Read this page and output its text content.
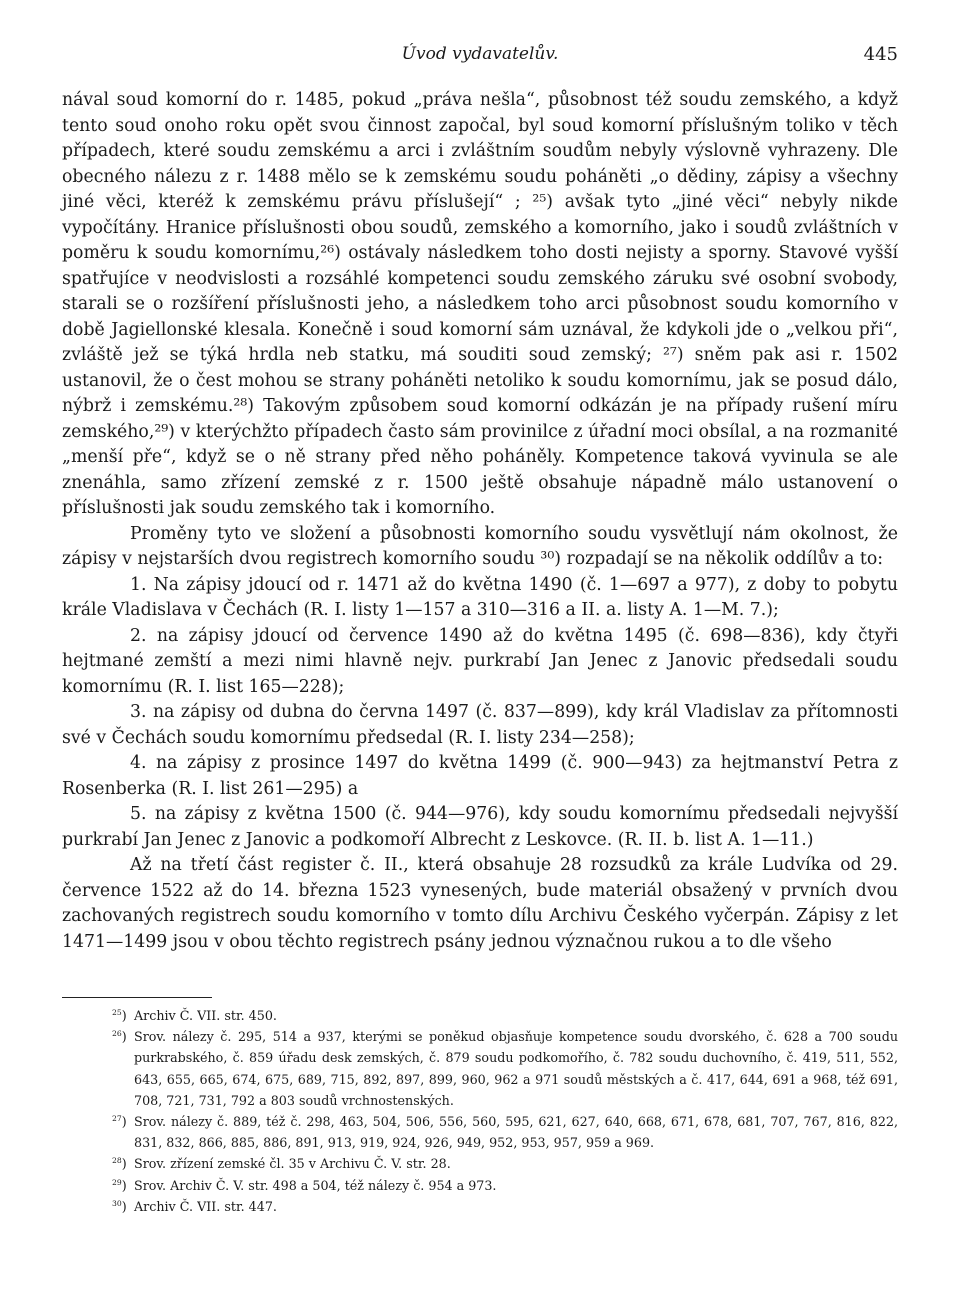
Úvod vydavatelův.	445

nával soud komorní do r. 1485, pokud „práva nešla“, působnost též soudu zemského, a když tento soud onoho roku opět svou činnost započal, byl soud komorní příslušným toliko v těch případech, které soudu zemskému a arci i zvláštním soudům nebyly výslovně vyhrazeny. Dle obecného nálezu z r. 1488 mělo se k zemskému soudu poháněti „o dědiny, zápisy a všechny jiné věci, kteréž k zemskému právu příslušejí“ ; ²⁵) avšak tyto „jiné věci“ nebyly nikde vypočítány. Hranice příslušnosti obou soudů, zemského a komorního, jako i soudů zvláštních v poměru k soudu komornímu,²⁶) ostávaly následkem toho dosti nejisty a sporny. Stavové vyšší spatřujíce v neodvislosti a rozsáhlé kompetenci soudu zemského záruku své osobní svobody, starali se o rozšíření příslušnosti jeho, a následkem toho arci působnost soudu komorního v době Jagiellonské klesala. Konečně i soud komorní sám uznával, že kdykoli jde o „velkou při“, zvláště jež se týká hrdla neb statku, má souditi soud zemský; ²⁷) sněm pak asi r. 1502 ustanovil, že o čest mohou se strany poháněti netoliko k soudu komornímu, jak se posud dálo, nýbrž i zemskému.²⁸) Takovým způsobem soud komorní odkázán je na případy rušení míru zemského,²⁹) v kterýchžto případech často sám provinilce z úřadní moci obsílal, a na rozmanité „menší pře“, když se o ně strany před něho poháněly. Kompetence taková vyvinula se ale znenáhla, samo zřízení zemské z r. 1500 ještě obsahuje nápadně málo ustanovení o příslušnosti jak soudu zemského tak i komorního.

Proměny tyto ve složení a působnosti komorního soudu vysvětlují nám okolnost, že zápisy v nejstarších dvou registrech komorního soudu ³⁰) rozpadají se na několik oddílův a to:

1. Na zápisy jdoucí od r. 1471 až do května 1490 (č. 1—697 a 977), z doby to pobytu krále Vladislava v Čechách (R. I. listy 1—157 a 310—316 a II. a. listy A. 1—M. 7.);

2. na zápisy jdoucí od července 1490 až do května 1495 (č. 698—836), kdy čtyři hejtmané zemští a mezi nimi hlavně nejv. purkrabí Jan Jenec z Janovic předsedali soudu komornímu (R. I. list 165—228);

3. na zápisy od dubna do června 1497 (č. 837—899), kdy král Vladislav za přítomnosti své v Čechách soudu komornímu předsedal (R. I. listy 234—258);

4. na zápisy z prosince 1497 do května 1499 (č. 900—943) za hejtmanství Petra z Rosenberka (R. I. list 261—295) a

5. na zápisy z května 1500 (č. 944—976), kdy soudu komornímu předsedali nejvyšší purkrabí Jan Jenec z Janovic a podkomoří Albrecht z Leskovce. (R. II. b. list A. 1—11.)

Až na třetí část register č. II., která obsahuje 28 rozsudků za krále Ludvíka od 29. července 1522 až do 14. března 1523 vynesených, bude materiál obsažený v prvních dvou zachovaných registrech soudu komorního v tomto dílu Archivu Českého vyčerpán. Zápisy z let 1471—1499 jsou v obou těchto registrech psány jednou význačnou rukou a to dle všeho

$^{25}$) Archiv Č. VII. str. 450.
$^{26}$) Srov. nálezy č. 295, 514 a 937, kterými se poněkud objasňuje kompetence soudu dvorského, č. 628 a 700 soudu purkrabského, č. 859 úřadu desk zemských, č. 879 soudu podkomořího, č. 782 soudu duchovního, č. 419, 511, 552, 643, 655, 665, 674, 675, 689, 715, 892, 897, 899, 960, 962 a 971 soudů městských a č. 417, 644, 691 a 968, též 691, 708, 721, 731, 792 a 803 soudů vrchnostenských.
$^{27}$) Srov. nálezy č. 889, též č. 298, 463, 504, 506, 556, 560, 595, 621, 627, 640, 668, 671, 678, 681, 707, 767, 816, 822, 831, 832, 866, 885, 886, 891, 913, 919, 924, 926, 949, 952, 953, 957, 959 a 969.
$^{28}$) Srov. zřízení zemské čl. 35 v Archivu Č. V. str. 28.
$^{29}$) Srov. Archiv Č. V. str. 498 a 504, též nálezy č. 954 a 973.
$^{30}$) Archiv Č. VII. str. 447.
